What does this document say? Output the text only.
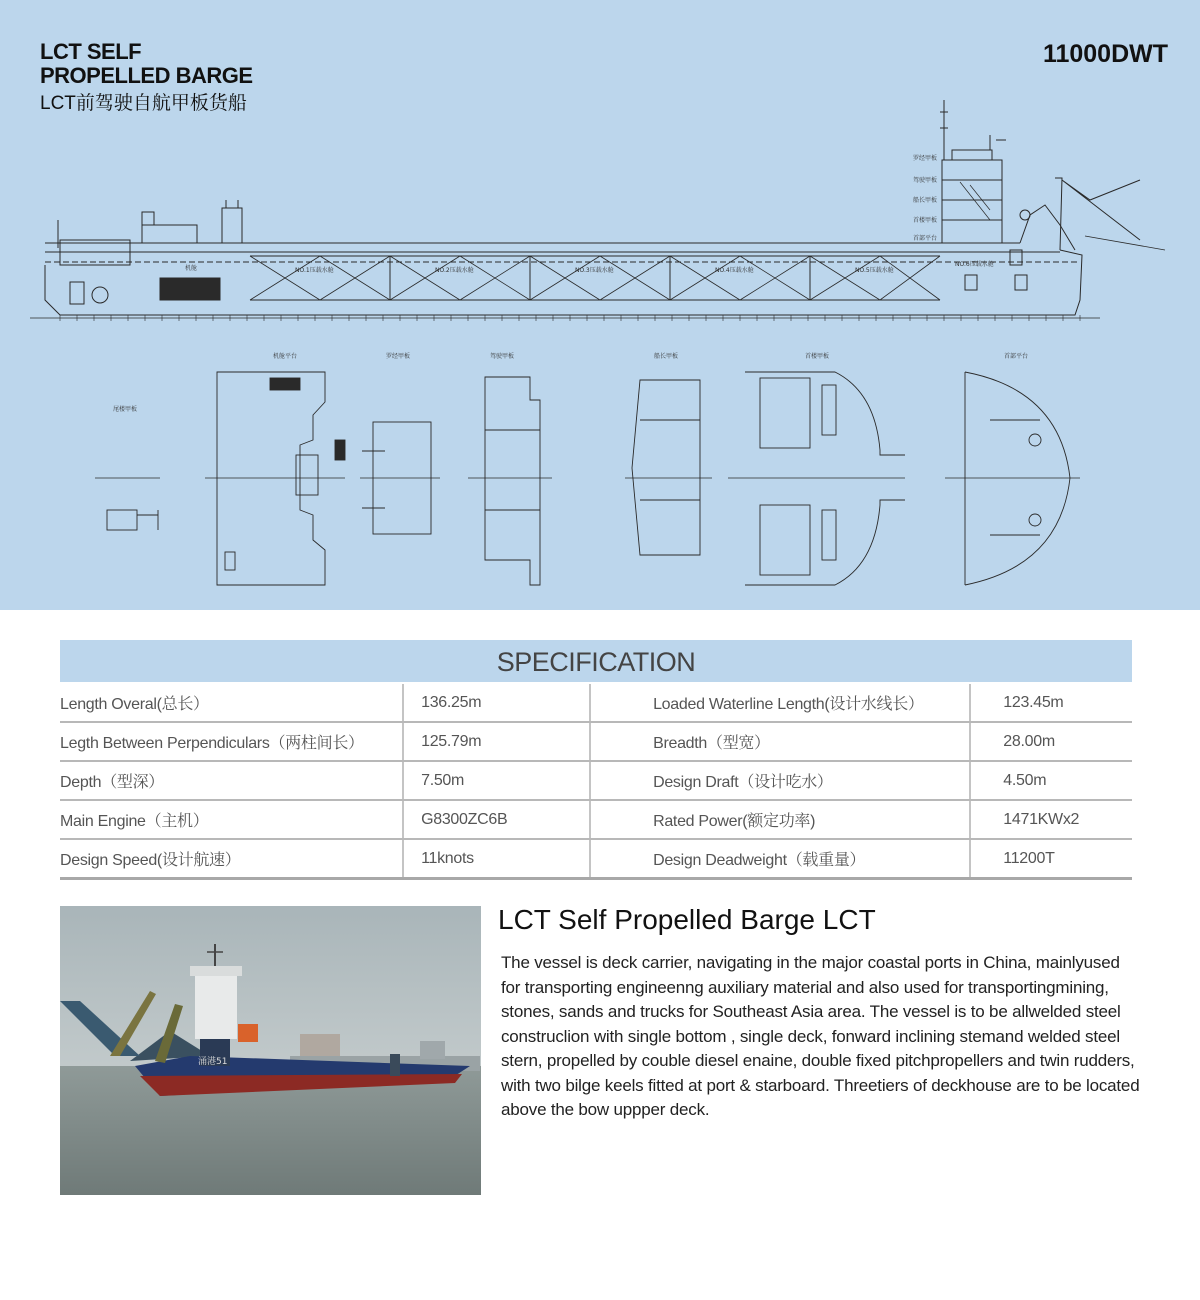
机舱平台	罗经甲板	驾驶甲板	船长甲板	首楼甲板	首部平台
尾楼甲板
罗经甲板
驾驶甲板
船长甲板
首楼甲板
首部平台
机舱	NO.1压载水舱	NO.2压载水舱	NO.3压载水舱	NO.4压载水舱	NO.5压载水舱
NO.6压载水舱
LCT SELF
PROPELLED BARGE
LCT前驾驶自航甲板货船
11000DWT
SPECIFICATION
Length Overal(总长）	136.25m	Loaded Waterline Length(设计水线长）	123.45m
Legth Between Perpendiculars（两柱间长）	125.79m	Breadth（型宽）	28.00m
Depth（型深）	7.50m	Design Draft（设计吃水）	4.50m
Main Engine（主机）	G8300ZC6B	Rated Power(额定功率)	1471KWx2
Design Speed(设计航速）	11knots	Design Deadweight（载重量）	11200T
涌港51
LCT Self Propelled Barge LCT
The vessel is deck carrier, navigating in the major coastal ports in China, mainlyused for transporting engineenng auxiliary material and also used for transportingmining, stones, sands and trucks for Southeast Asia area. The vessel is to be allwelded steel construclion with single bottom , single deck, fonward inclining stemand welded steel stern, propelled by couble diesel enaine, double fixed pitchpropellers and twin rudders, with two bilge keels fitted at port & starboard. Threetiers of deckhouse are to be located above the bow uppper deck.
